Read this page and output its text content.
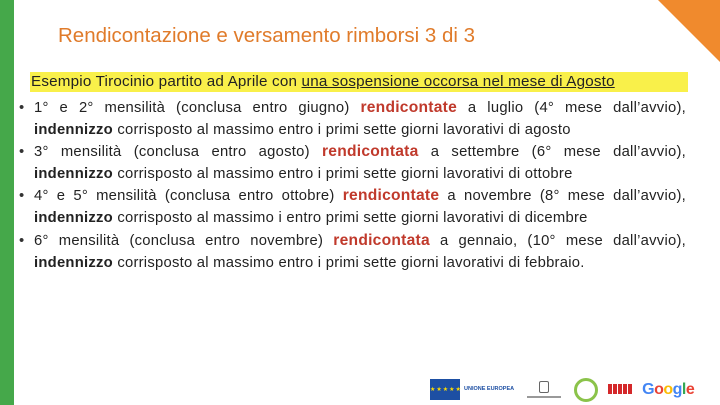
Rendicontazione e versamento rimborsi 3 di 3
Esempio Tirocinio partito ad Aprile con una sospensione occorsa nel mese di Agosto
• 1° e 2° mensilità (conclusa entro giugno) rendicontate a luglio (4° mese dall’avvio), indennizzo corrisposto al massimo entro i primi sette giorni lavorativi di agosto
• 3° mensilità (conclusa entro agosto) rendicontata a settembre (6° mese dall’avvio), indennizzo corrisposto al massimo entro i primi sette giorni lavorativi di ottobre
• 4° e 5° mensilità (conclusa entro ottobre) rendicontate a novembre (8° mese dall’avvio), indennizzo corrisposto al massimo i entro primi sette giorni lavorativi di dicembre
• 6° mensilità (conclusa entro novembre) rendicontata a gennaio, (10° mese dall’avvio), indennizzo corrisposto al massimo entro i primi sette giorni lavorativi di febbraio.
★★★★★ UNIONE EUROPEA	Google
